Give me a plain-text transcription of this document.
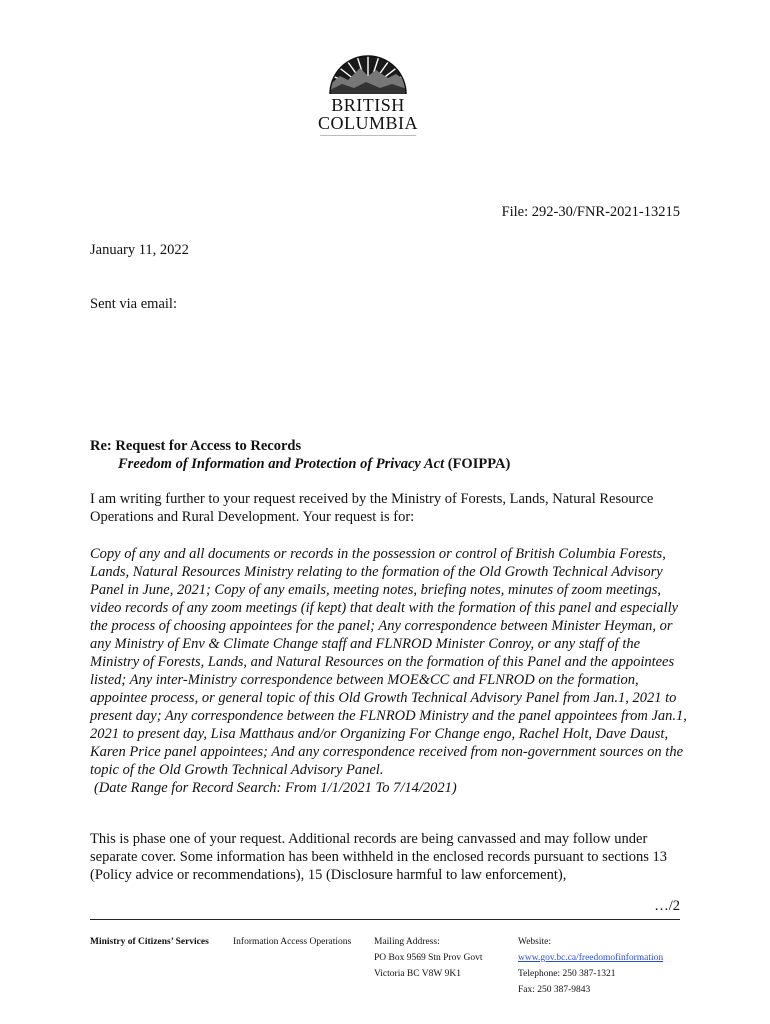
BRITISH
COLUMBIA
File: 292-30/FNR-2021-13215
January 11, 2022
Sent via email:
Re: Request for Access to Records
Freedom of Information and Protection of Privacy Act (FOIPPA)
I am writing further to your request received by the Ministry of Forests, Lands, Natural Resource Operations and Rural Development. Your request is for:
Copy of any and all documents or records in the possession or control of British Columbia Forests, Lands, Natural Resources Ministry relating to the formation of the Old Growth Technical Advisory Panel in June, 2021; Copy of any emails, meeting notes, briefing notes, minutes of zoom meetings, video records of any zoom meetings (if kept) that dealt with the formation of this panel and especially the process of choosing appointees for the panel; Any correspondence between Minister Heyman, or any Ministry of Env & Climate Change staff and FLNROD Minister Conroy, or any staff of the Ministry of Forests, Lands, and Natural Resources on the formation of this Panel and the appointees listed; Any inter-Ministry correspondence between MOE&CC and FLNROD on the formation, appointee process, or general topic of this Old Growth Technical Advisory Panel from Jan.1, 2021 to present day; Any correspondence between the FLNROD Ministry and the panel appointees from Jan.1, 2021 to present day, Lisa Matthaus and/or Organizing For Change engo, Rachel Holt, Dave Daust, Karen Price panel appointees; And any correspondence received from non-government sources on the topic of the Old Growth Technical Advisory Panel.
(Date Range for Record Search: From 1/1/2021 To 7/14/2021)
This is phase one of your request. Additional records are being canvassed and may follow under separate cover. Some information has been withheld in the enclosed records pursuant to sections 13 (Policy advice or recommendations), 15 (Disclosure harmful to law enforcement),
…/2
Ministry of Citizens’ Services	Information Access Operations Mailing Address:
PO Box 9569 Stn Prov Govt
Victoria BC V8W 9K1
Website:
www.gov.bc.ca/freedomofinformation
Telephone: 250 387-1321
Fax: 250 387-9843
